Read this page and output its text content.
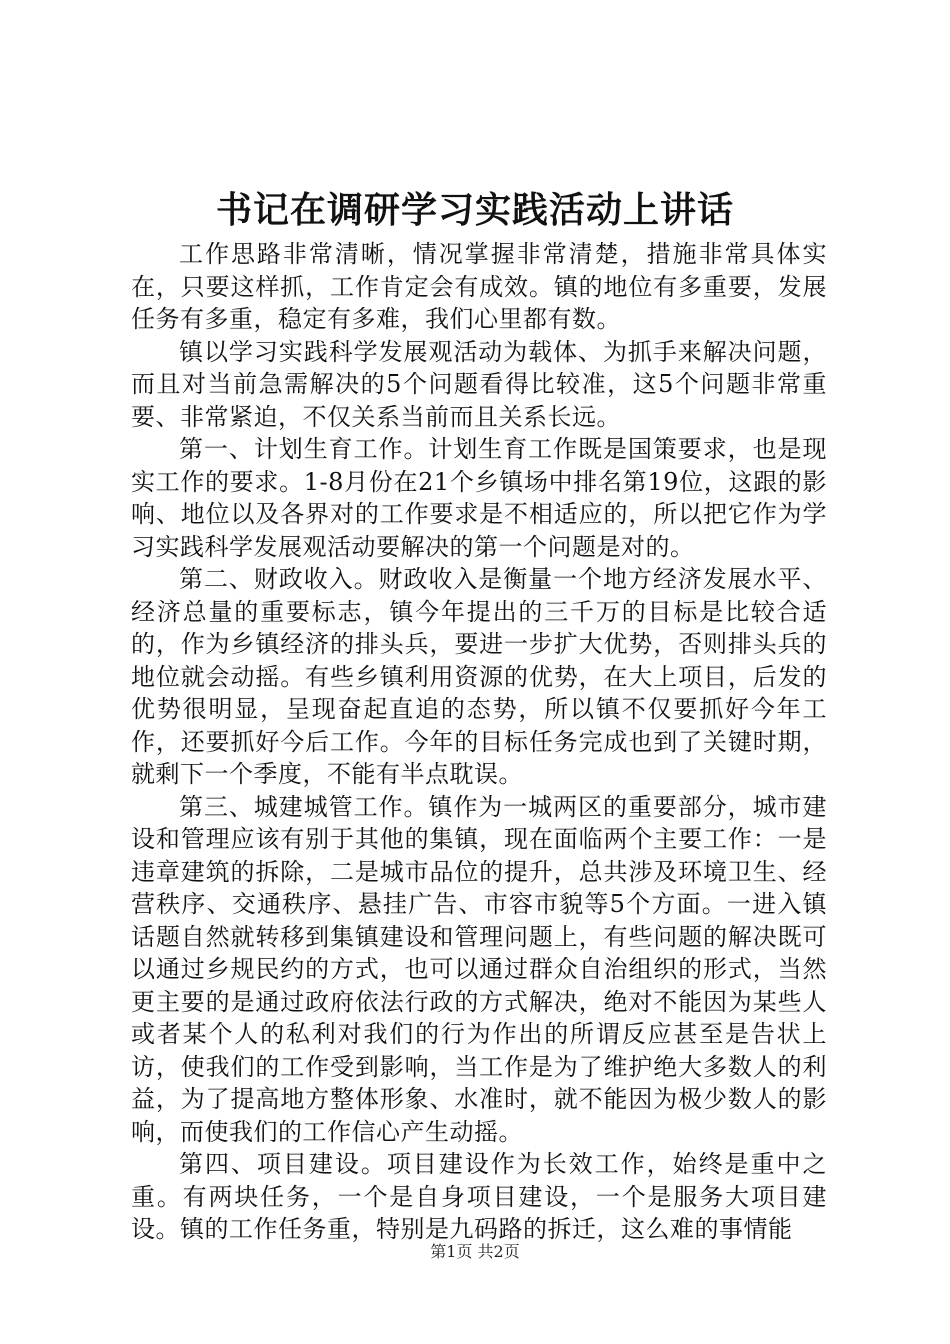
书记在调研学习实践活动上讲话

工作思路非常清晰，情况掌握非常清楚，措施非常具体实在，只要这样抓，工作肯定会有成效。镇的地位有多重要，发展任务有多重，稳定有多难，我们心里都有数。

镇以学习实践科学发展观活动为载体、为抓手来解决问题，而且对当前急需解决的5个问题看得比较准，这5个问题非常重要、非常紧迫，不仅关系当前而且关系长远。

第一、计划生育工作。计划生育工作既是国策要求，也是现实工作的要求。1-8月份在21个乡镇场中排名第19位，这跟的影响、地位以及各界对的工作要求是不相适应的，所以把它作为学习实践科学发展观活动要解决的第一个问题是对的。

第二、财政收入。财政收入是衡量一个地方经济发展水平、经济总量的重要标志，镇今年提出的三千万的目标是比较合适的，作为乡镇经济的排头兵，要进一步扩大优势，否则排头兵的地位就会动摇。有些乡镇利用资源的优势，在大上项目，后发的优势很明显，呈现奋起直追的态势，所以镇不仅要抓好今年工作，还要抓好今后工作。今年的目标任务完成也到了关键时期，就剩下一个季度，不能有半点耽误。

第三、城建城管工作。镇作为一城两区的重要部分，城市建设和管理应该有别于其他的集镇，现在面临两个主要工作：一是违章建筑的拆除，二是城市品位的提升，总共涉及环境卫生、经营秩序、交通秩序、悬挂广告、市容市貌等5个方面。一进入镇话题自然就转移到集镇建设和管理问题上，有些问题的解决既可以通过乡规民约的方式，也可以通过群众自治组织的形式，当然更主要的是通过政府依法行政的方式解决，绝对不能因为某些人或者某个人的私利对我们的行为作出的所谓反应甚至是告状上访，使我们的工作受到影响，当工作是为了维护绝大多数人的利益，为了提高地方整体形象、水准时，就不能因为极少数人的影响，而使我们的工作信心产生动摇。

第四、项目建设。项目建设作为长效工作，始终是重中之重。有两块任务，一个是自身项目建设，一个是服务大项目建设。镇的工作任务重，特别是九码路的拆迁，这么难的事情能

第1页 共2页
